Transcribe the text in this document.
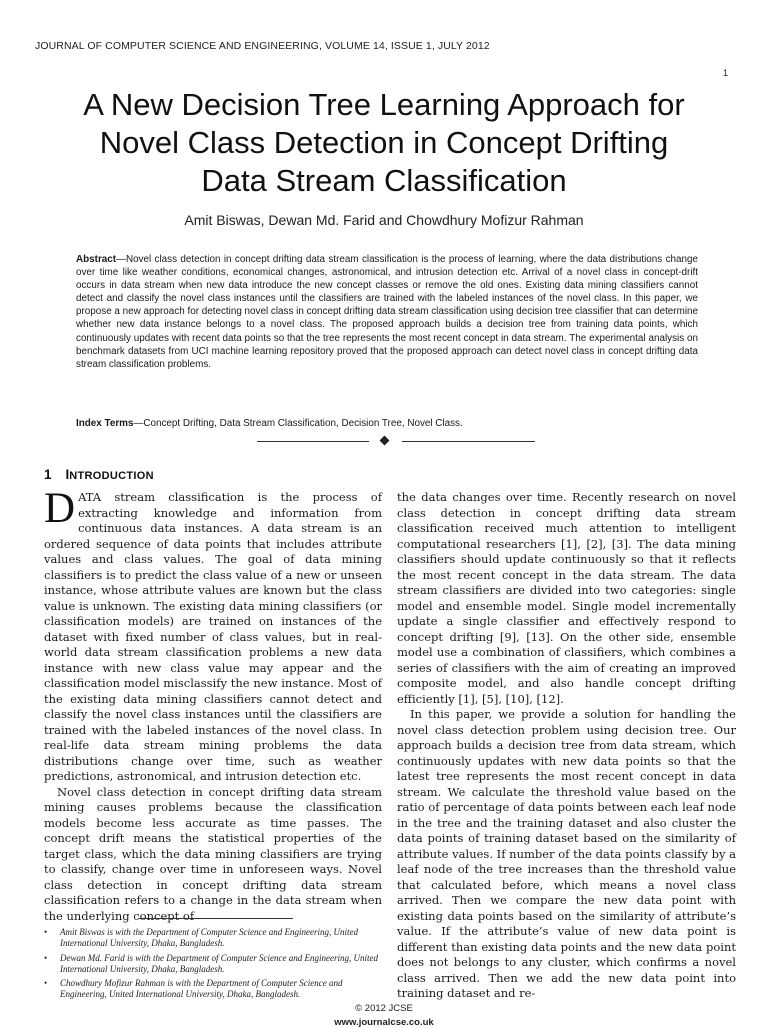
JOURNAL OF COMPUTER SCIENCE AND ENGINEERING, VOLUME 14, ISSUE 1, JULY 2012
1
A New Decision Tree Learning Approach for
Novel Class Detection in Concept Drifting
Data Stream Classification
Amit Biswas, Dewan Md. Farid and Chowdhury Mofizur Rahman
Abstract—Novel class detection in concept drifting data stream classification is the process of learning, where the data distributions change over time like weather conditions, economical changes, astronomical, and intrusion detection etc. Arrival of a novel class in concept-drift occurs in data stream when new data introduce the new concept classes or remove the old ones. Existing data mining classifiers cannot detect and classify the novel class instances until the classifiers are trained with the labeled instances of the novel class. In this paper, we propose a new approach for detecting novel class in concept drifting data stream classification using decision tree classifier that can determine whether new data instance belongs to a novel class. The proposed approach builds a decision tree from training data points, which continuously updates with recent data points so that the tree represents the most recent concept in data stream. The experimental analysis on benchmark datasets from UCI machine learning repository proved that the proposed approach can detect novel class in concept drifting data stream classification problems.
Index Terms—Concept Drifting, Data Stream Classification, Decision Tree, Novel Class.
1 INTRODUCTION

DATA stream classification is the process of extracting knowledge and information from continuous data instances. A data stream is an ordered sequence of data points that includes attribute values and class values. The goal of data mining classifiers is to predict the class value of a new or unseen instance, whose attribute values are known but the class value is unknown. The existing data mining classifiers (or classification models) are trained on instances of the dataset with fixed number of class values, but in real-world data stream classification problems a new data instance with new class value may appear and the classification model misclassify the new instance. Most of the existing data mining classifiers cannot detect and classify the novel class instances until the classifiers are trained with the labeled instances of the novel class. In real-life data stream mining problems the data distributions change over time, such as weather predictions, astronomical, and intrusion detection etc.

Novel class detection in concept drifting data stream mining causes problems because the classification models become less accurate as time passes. The concept drift means the statistical properties of the target class, which the data mining classifiers are trying to classify, change over time in unforeseen ways. Novel class detection in concept drifting data stream classification refers to a change in the data stream when the underlying concept of

the data changes over time. Recently research on novel class detection in concept drifting data stream classification received much attention to intelligent computational researchers [1], [2], [3]. The data mining classifiers should update continuously so that it reflects the most recent concept in the data stream. The data stream classifiers are divided into two categories: single model and ensemble model. Single model incrementally update a single classifier and effectively respond to concept drifting [9], [13]. On the other side, ensemble model use a combination of classifiers, which combines a series of classifiers with the aim of creating an improved composite model, and also handle concept drifting efficiently [1], [5], [10], [12].

In this paper, we provide a solution for handling the novel class detection problem using decision tree. Our approach builds a decision tree from data stream, which continuously updates with new data points so that the latest tree represents the most recent concept in data stream. We calculate the threshold value based on the ratio of percentage of data points between each leaf node in the tree and the training dataset and also cluster the data points of training dataset based on the similarity of attribute values. If number of the data points classify by a leaf node of the tree increases than the threshold value that calculated before, which means a novel class arrived. Then we compare the new data point with existing data points based on the similarity of attribute’s value. If the attribute’s value of new data point is different than existing data points and the new data point does not belongs to any cluster, which confirms a novel class arrived. Then we add the new data point into training dataset and re-

• Amit Biswas is with the Department of Computer Science and Engineering, United International University, Dhaka, Bangladesh.
• Dewan Md. Farid is with the Department of Computer Science and Engineering, United International University, Dhaka, Bangladesh.
• Chowdhury Mofizur Rahman is with the Department of Computer Science and Engineering, United International University, Dhaka, Bangladesh.
© 2012 JCSE
www.journalcse.co.uk
